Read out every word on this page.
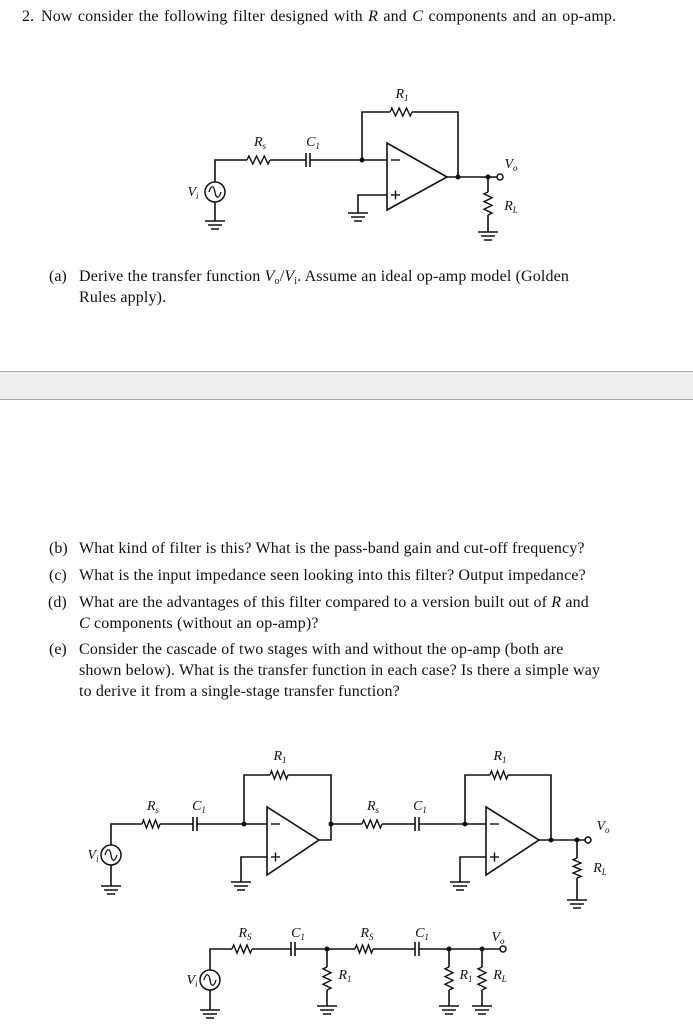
2. Now consider the following filter designed with R and C components and an op-amp.
(a) Derive the transfer function $V_o/V_i$. Assume an ideal op-amp model (Golden
Rules apply).
(b) What kind of filter is this? What is the pass-band gain and cut-off frequency?
(c) What is the input impedance seen looking into this filter? Output impedance?
(d) What are the advantages of this filter compared to a version built out of R and
C components (without an op-amp)?
(e) Consider the cascade of two stages with and without the op-amp (both are
shown below). What is the transfer function in each case? Is there a simple way
to derive it from a single-stage transfer function?
$V_i$
$R_s$	$C_1$
$R_1$
$V_o$
$R_L$
$V_i$
$R_s$ $C_1$
$R_1$
$R_s$ $C_1$
$R_1$
$V_o$
$R_L$
$V_i$
$R_S$	$C_1$
$R_1$
$R_S$	$C_1$	$V_o$
$R_1$ $R_L$
